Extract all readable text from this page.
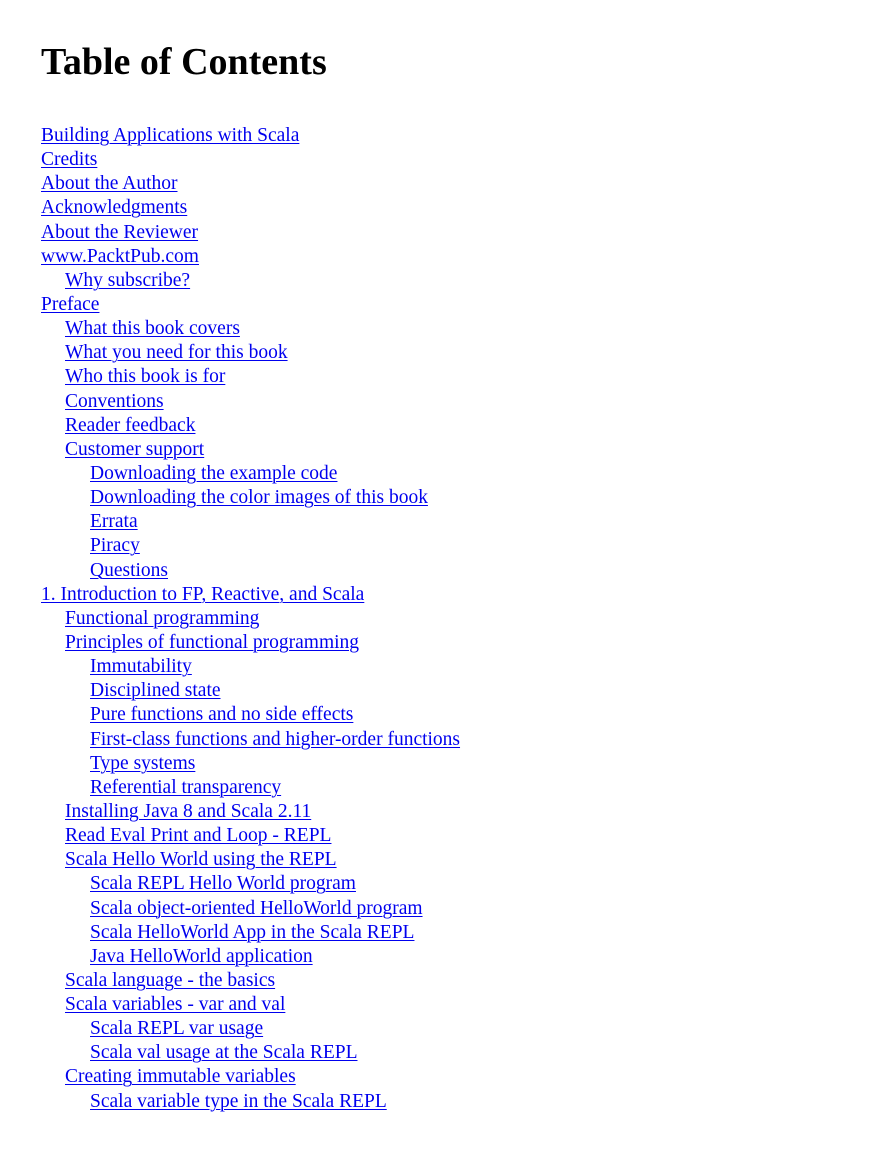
Table of Contents
Building Applications with Scala
Credits
About the Author
Acknowledgments
About the Reviewer
www.PacktPub.com
Why subscribe?
Preface
What this book covers
What you need for this book
Who this book is for
Conventions
Reader feedback
Customer support
Downloading the example code
Downloading the color images of this book
Errata
Piracy
Questions
1. Introduction to FP, Reactive, and Scala
Functional programming
Principles of functional programming
Immutability
Disciplined state
Pure functions and no side effects
First-class functions and higher-order functions
Type systems
Referential transparency
Installing Java 8 and Scala 2.11
Read Eval Print and Loop - REPL
Scala Hello World using the REPL
Scala REPL Hello World program
Scala object-oriented HelloWorld program
Scala HelloWorld App in the Scala REPL
Java HelloWorld application
Scala language - the basics
Scala variables - var and val
Scala REPL var usage
Scala val usage at the Scala REPL
Creating immutable variables
Scala variable type in the Scala REPL
